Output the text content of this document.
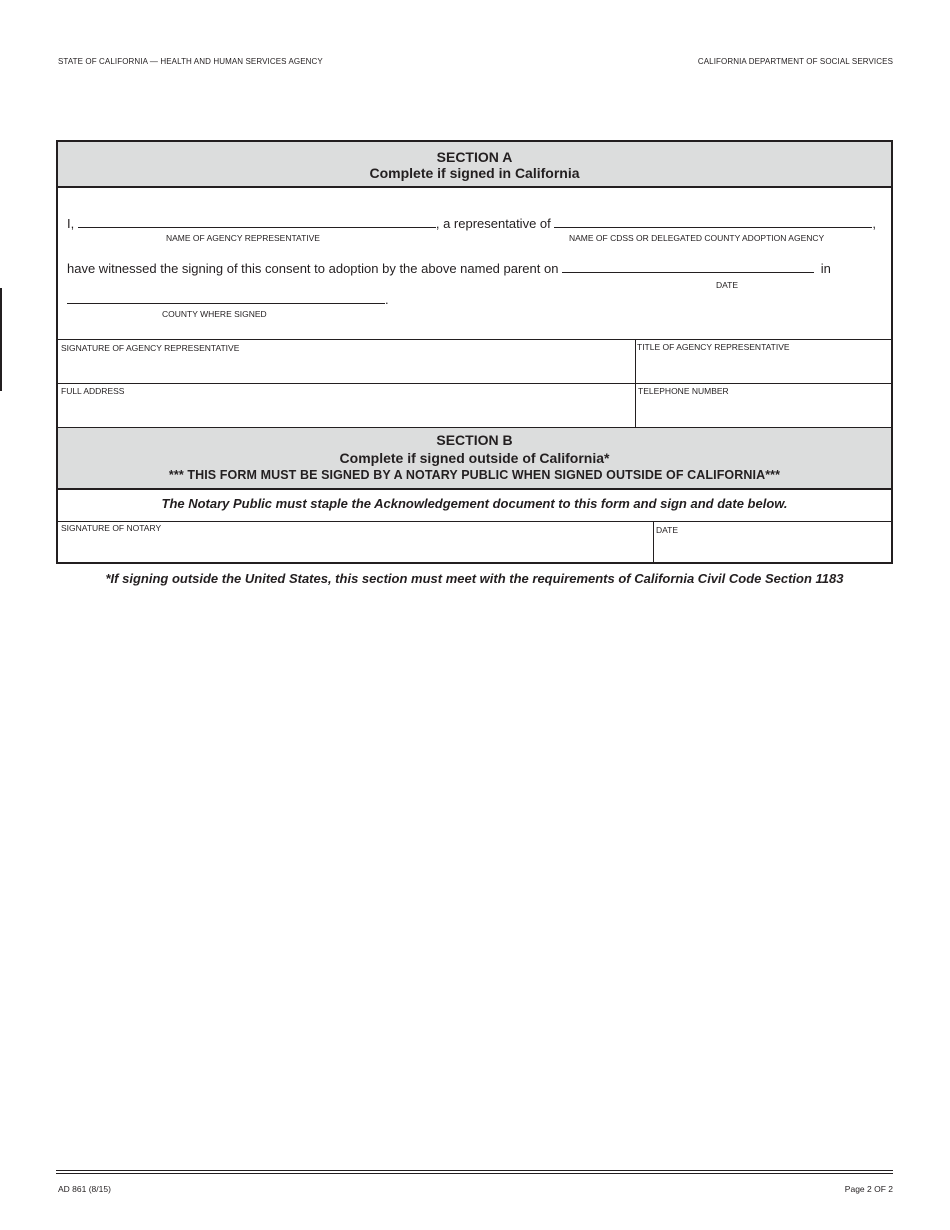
STATE OF CALIFORNIA — HEALTH AND HUMAN SERVICES AGENCY	CALIFORNIA DEPARTMENT OF SOCIAL SERVICES
SECTION A
Complete if signed in California
I,	, a representative of	,
NAME OF AGENCY REPRESENTATIVE	NAME OF CDSS OR DELEGATED COUNTY ADOPTION AGENCY
have witnessed the signing of this consent to adoption by the above named parent on	in
DATE
.
COUNTY WHERE SIGNED
SIGNATURE OF AGENCY REPRESENTATIVE	TITLE OF AGENCY REPRESENTATIVE
FULL ADDRESS	TELEPHONE NUMBER
SECTION B
Complete if signed outside of California*
*** THIS FORM MUST BE SIGNED BY A NOTARY PUBLIC WHEN SIGNED OUTSIDE OF CALIFORNIA***
The Notary Public must staple the Acknowledgement document to this form and sign and date below.
SIGNATURE OF NOTARY	DATE
*If signing outside the United States, this section must meet with the requirements of California Civil Code Section 1183
AD 861 (8/15)	Page 2 OF 2
